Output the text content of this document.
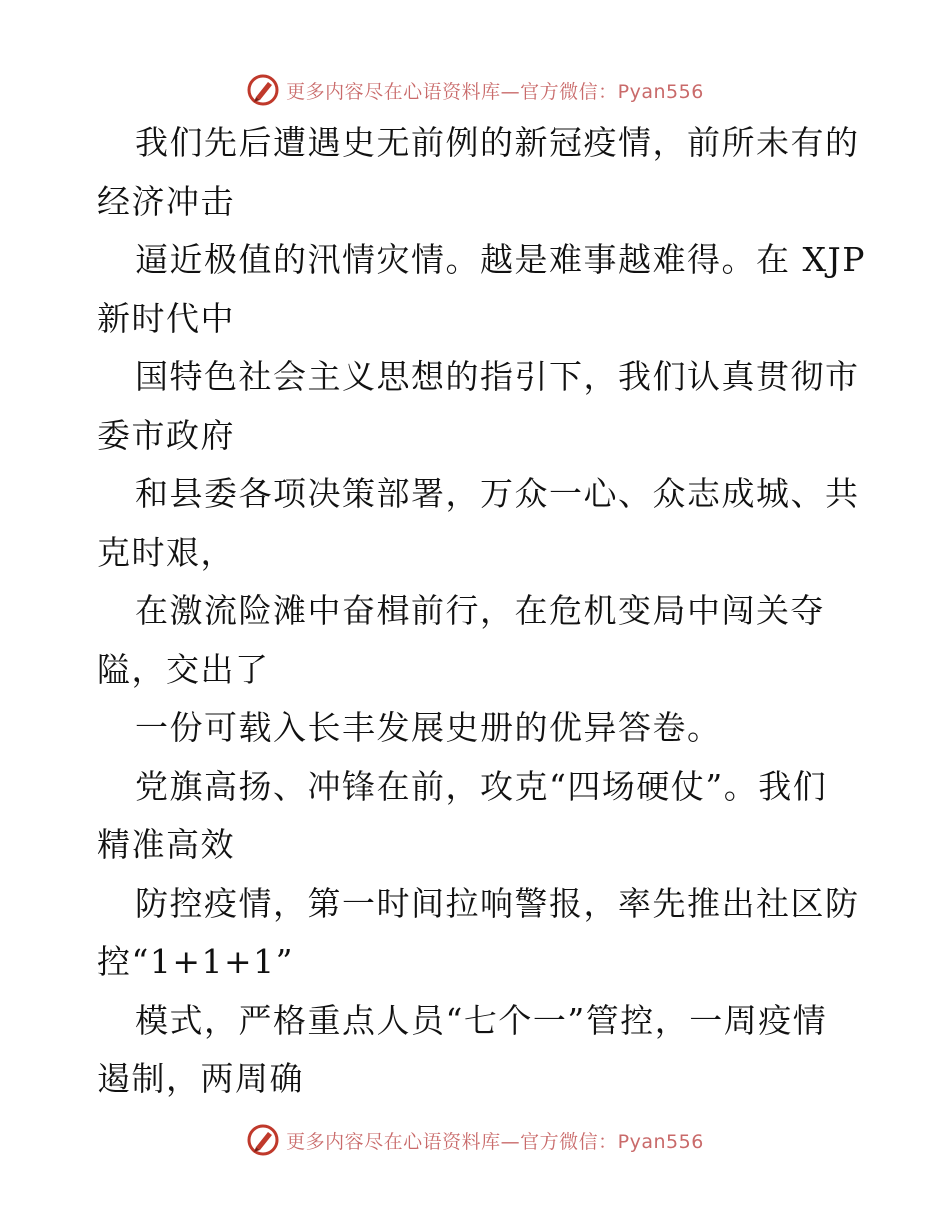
更多内容尽在心语资料库—官方微信：Pyan556
我们先后遭遇史无前例的新冠疫情，前所未有的
经济冲击
逼近极值的汛情灾情。越是难事越难得。在 XJP
新时代中
国特色社会主义思想的指引下，我们认真贯彻市
委市政府
和县委各项决策部署，万众一心、众志成城、共
克时艰，
在激流险滩中奋楫前行，在危机变局中闯关夺
隘，交出了
一份可载入长丰发展史册的优异答卷。
党旗高扬、冲锋在前，攻克“四场硬仗”。我们
精准高效
防控疫情，第一时间拉响警报，率先推出社区防
控“1+1+1”
模式，严格重点人员“七个一”管控，一周疫情
遏制，两周确
更多内容尽在心语资料库—官方微信：Pyan556
